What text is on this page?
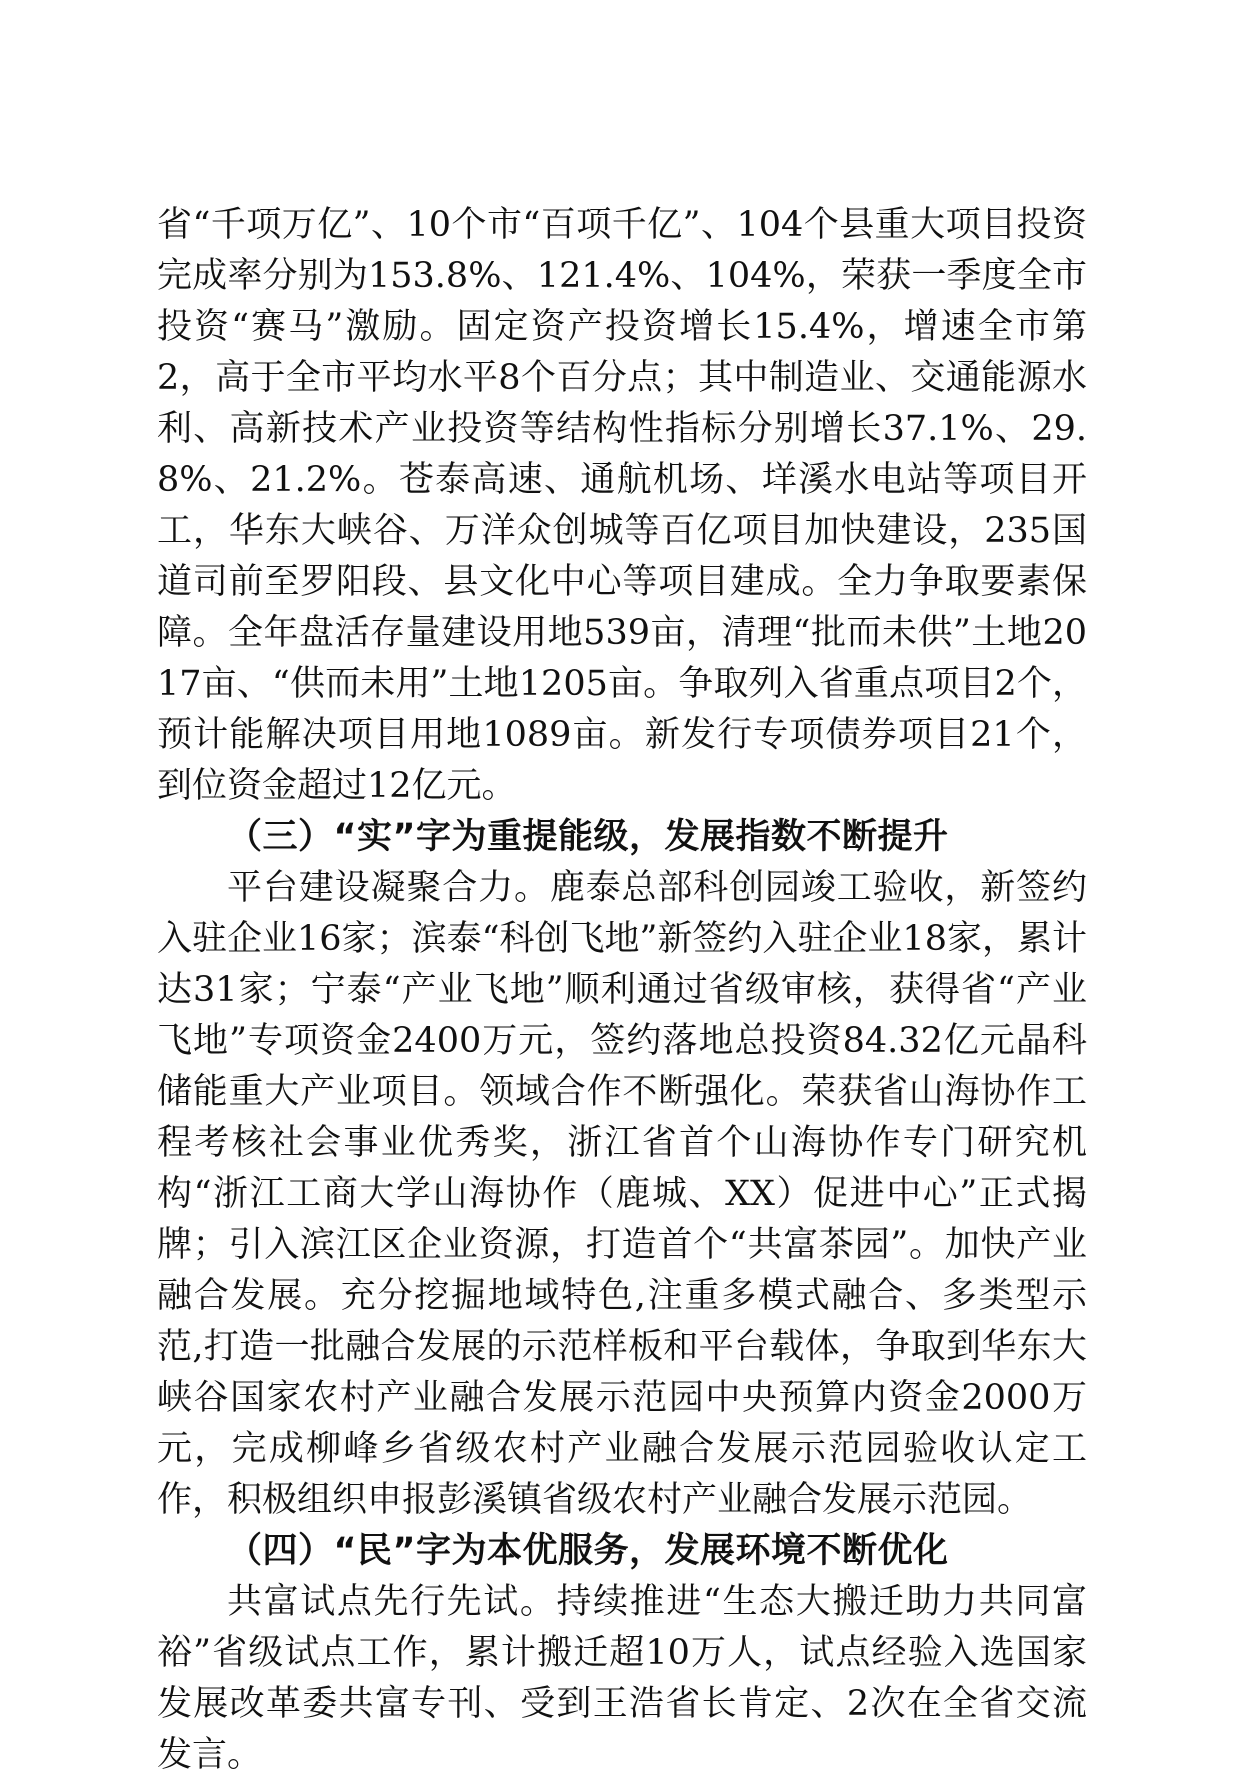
省“千项万亿”、10个市“百项千亿”、104个县重大项目投资完成率分别为153.8%、121.4%、104%，荣获一季度全市投资“赛马”激励。固定资产投资增长15.4%，增速全市第2，高于全市平均水平8个百分点；其中制造业、交通能源水利、高新技术产业投资等结构性指标分别增长37.1%、29.8%、21.2%。苍泰高速、通航机场、垟溪水电站等项目开工，华东大峡谷、万洋众创城等百亿项目加快建设，235国道司前至罗阳段、县文化中心等项目建成。全力争取要素保障。全年盘活存量建设用地539亩，清理“批而未供”土地2017亩、“供而未用”土地1205亩。争取列入省重点项目2个，预计能解决项目用地1089亩。新发行专项债券项目21个，到位资金超过12亿元。

（三）“实”字为重提能级，发展指数不断提升

平台建设凝聚合力。鹿泰总部科创园竣工验收，新签约入驻企业16家；滨泰“科创飞地”新签约入驻企业18家，累计达31家；宁泰“产业飞地”顺利通过省级审核，获得省“产业飞地”专项资金2400万元，签约落地总投资84.32亿元晶科储能重大产业项目。领域合作不断强化。荣获省山海协作工程考核社会事业优秀奖，浙江省首个山海协作专门研究机构“浙江工商大学山海协作（鹿城、XX）促进中心”正式揭牌；引入滨江区企业资源，打造首个“共富茶园”。加快产业融合发展。充分挖掘地域特色,注重多模式融合、多类型示范,打造一批融合发展的示范样板和平台载体，争取到华东大峡谷国家农村产业融合发展示范园中央预算内资金2000万元，完成柳峰乡省级农村产业融合发展示范园验收认定工作，积极组织申报彭溪镇省级农村产业融合发展示范园。

（四）“民”字为本优服务，发展环境不断优化

共富试点先行先试。持续推进“生态大搬迁助力共同富裕”省级试点工作，累计搬迁超10万人，试点经验入选国家发展改革委共富专刊、受到王浩省长肯定、2次在全省交流发言。
